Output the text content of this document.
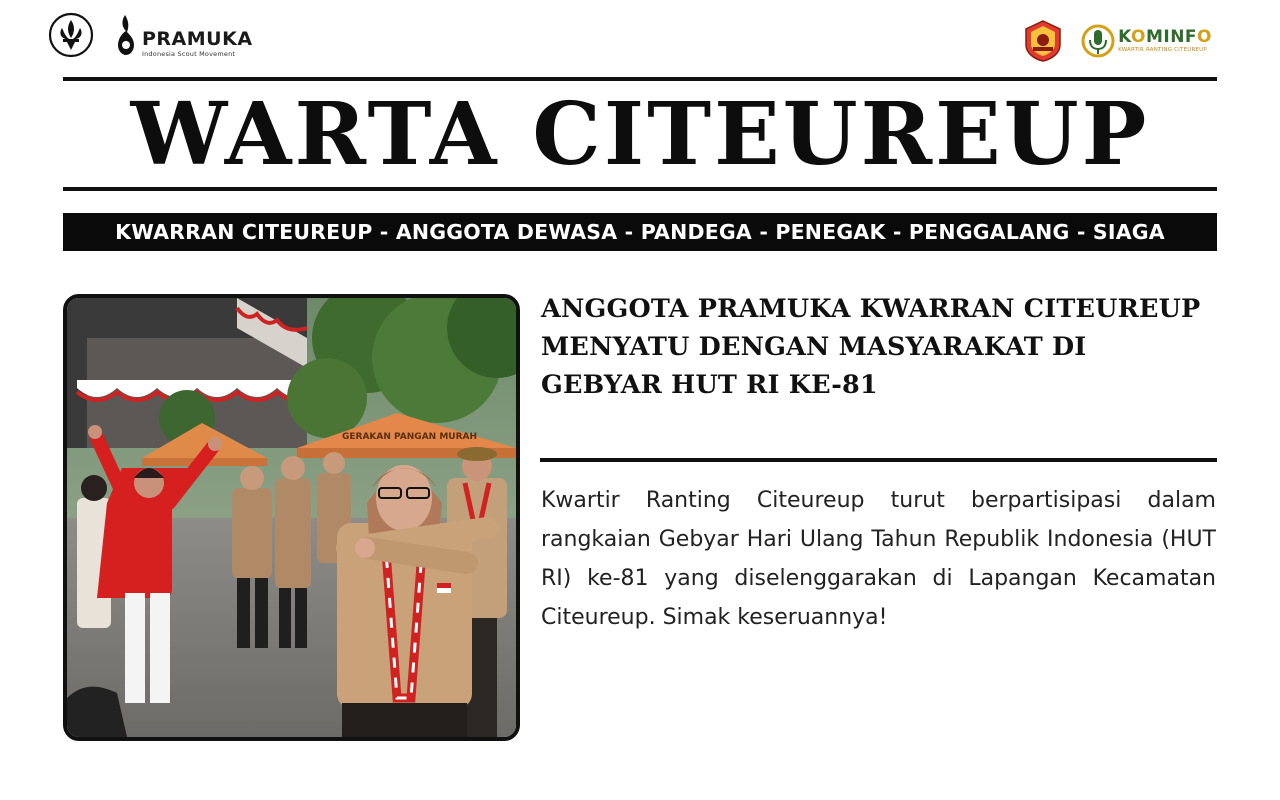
PRAMUKA
Indonesia Scout Movement
KOMINFO
KWARTIR RANTING CITEUREUP
WARTA CITEUREUP
KWARRAN CITEUREUP - ANGGOTA DEWASA - PANDEGA - PENEGAK - PENGGALANG - SIAGA
GERAKAN PANGAN MURAH
ANGGOTA PRAMUKA KWARRAN CITEUREUP
MENYATU DENGAN MASYARAKAT DI
GEBYAR HUT RI KE-81
Kwartir Ranting Citeureup turut berpartisipasi dalam rangkaian Gebyar Hari Ulang Tahun Republik Indonesia (HUT RI) ke-81 yang diselenggarakan di Lapangan Kecamatan Citeureup. Simak keseruannya!
